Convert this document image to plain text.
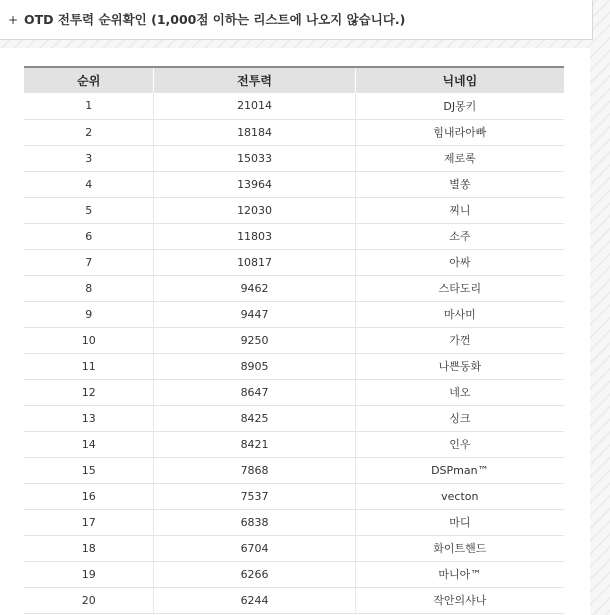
+ OTD 전투력 순위확인 (1,000점 이하는 리스트에 나오지 않습니다.)
순위	전투력	닉네임
1	21014	DJ몽키
2	18184	힘내라아빠
3	15033	제로록
4	13964	별쏭
5	12030	찌니
6	11803	소주
7	10817	아싸
8	9462	스타도리
9	9447	마사미
10	9250	가껀
11	8905	나쁜동화
12	8647	네오
13	8425	싱크
14	8421	인우
15	7868	DSPman™
16	7537	vecton
17	6838	마디
18	6704	화이트핸드
19	6266	마니아™
20	6244	작안의샤나
